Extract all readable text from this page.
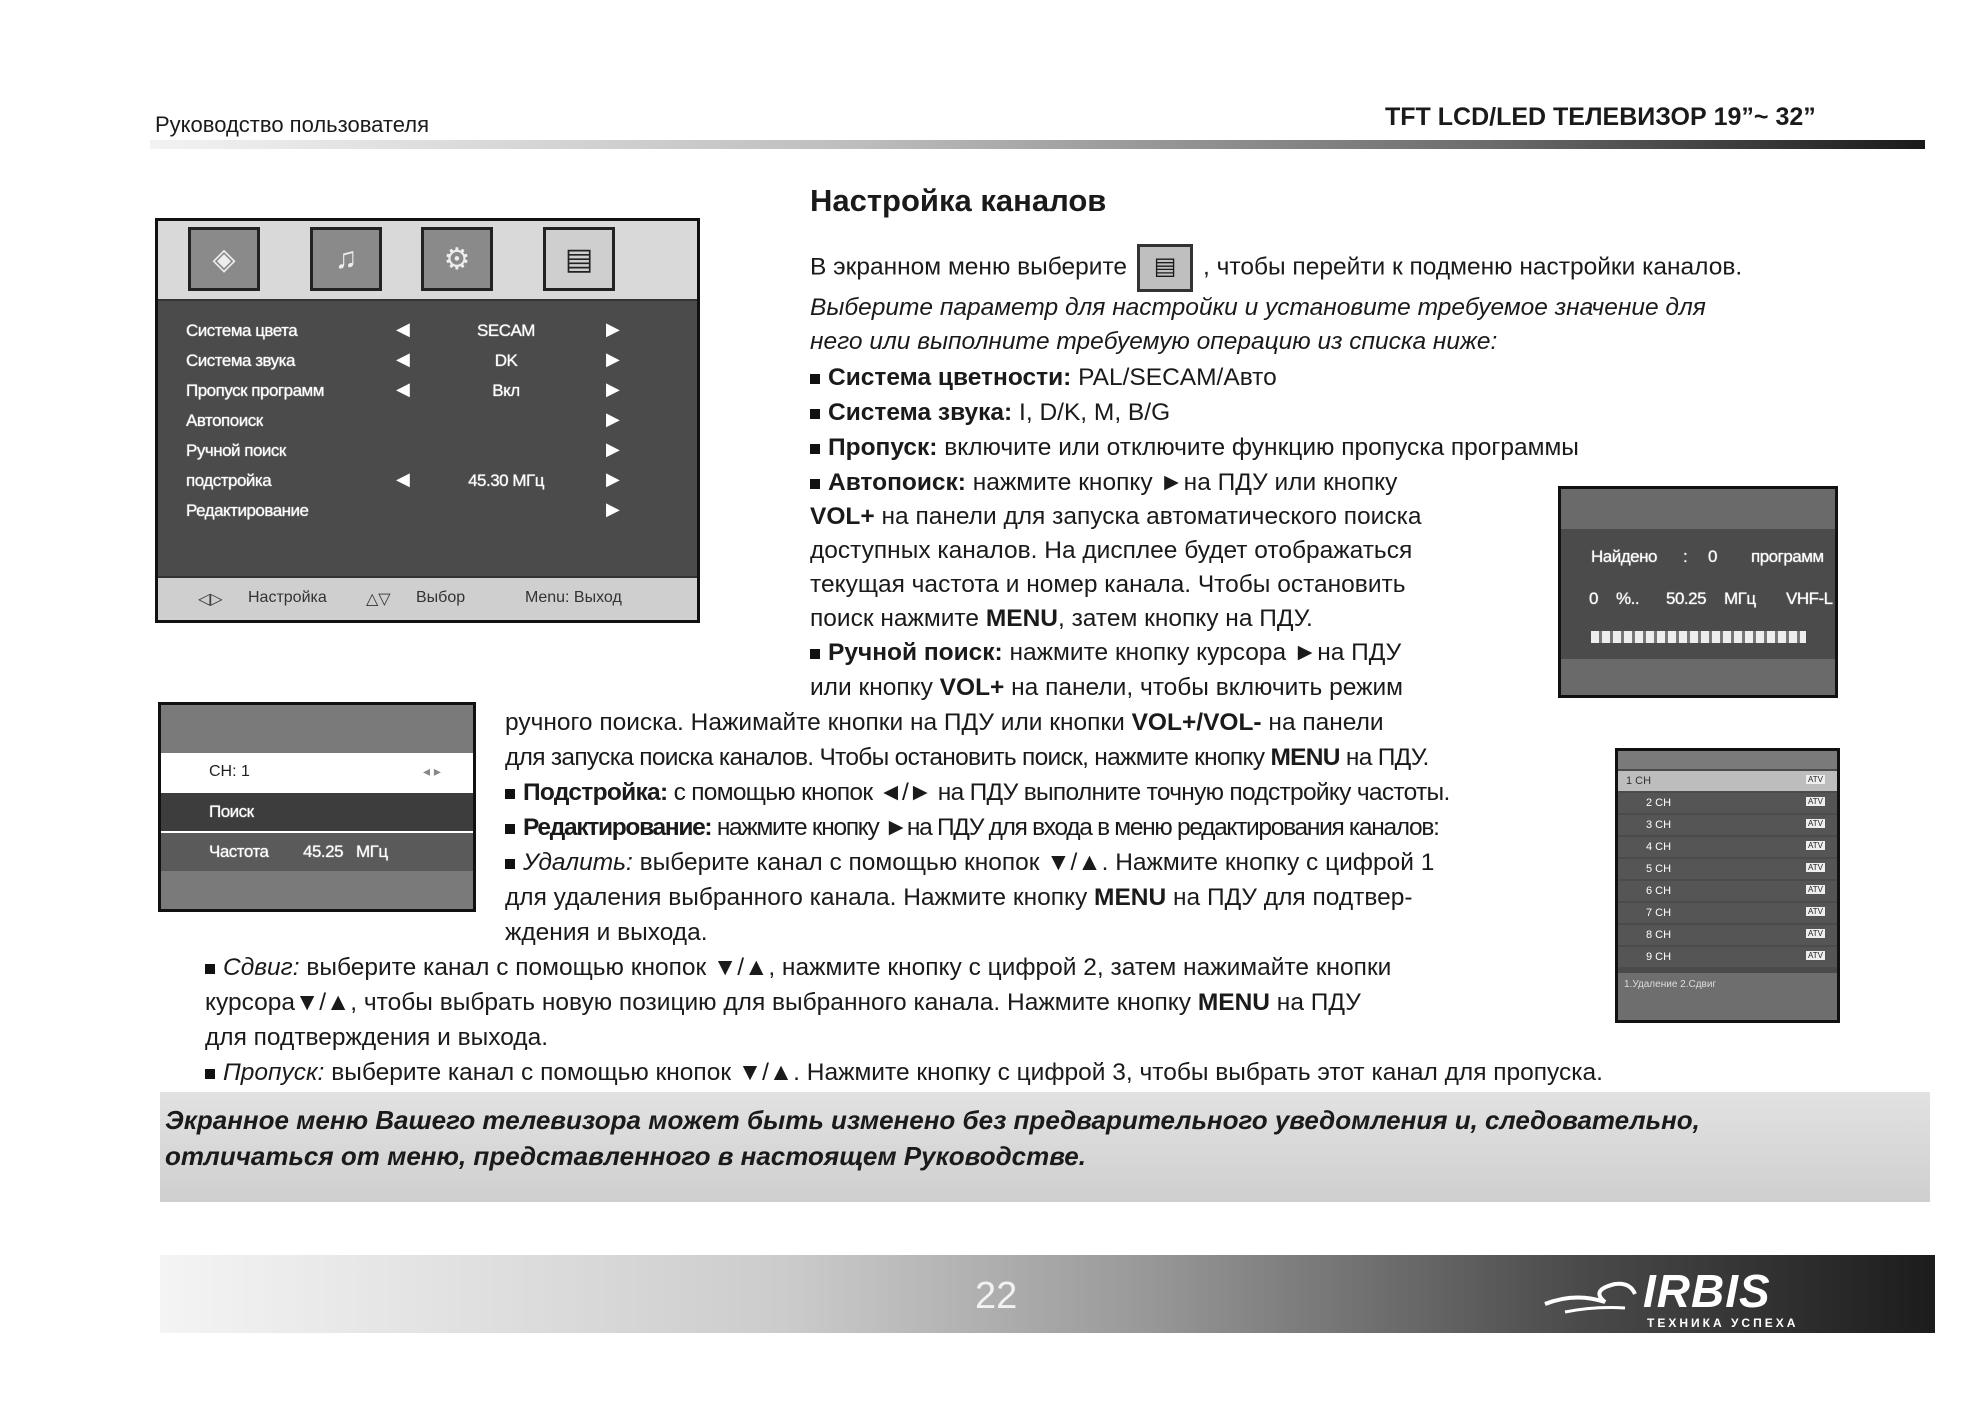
Руководство пользователя	TFT LCD/LED ТЕЛЕВИЗОР 19”~ 32”
◈	♫	⚙	▤
Система цвета	◀	SECAM	▶
Система звука	◀	DK	▶
Пропуск программ	◀	Вкл	▶
Автопоиск	▶
Ручной поиск	▶
подстройка	◀	45.30 МГц	▶
Редактирование	▶
◁▷ Настройка △▽ Выбор	Menu: Выход
Настройка каналов
В экранном меню выберите ▤ , чтобы перейти к подменю настройки каналов.
Выберите параметр для настройки и установите требуемое значение для
него или выполните требуемую операцию из списка ниже:
Система цветности: PAL/SECAM/Авто
Система звука: I, D/K, M, B/G
Пропуск: включите или отключите функцию пропуска программы
Автопоиск: нажмите кнопку ►на ПДУ или кнопку
VOL+ на панели для запуска автоматического поиска
доступных каналов. На дисплее будет отображаться
текущая частота и номер канала. Чтобы остановить
поиск нажмите MENU, затем кнопку на ПДУ.
Найдено : 0 программ
0 %.. 50.25 МГц VHF-L
Ручной поиск: нажмите кнопку курсора ►на ПДУ
или кнопку VOL+ на панели, чтобы включить режим
ручного поиска. Нажимайте кнопки на ПДУ или кнопки VOL+/VOL- на панели
для запуска поиска каналов. Чтобы остановить поиск, нажмите кнопку MENU на ПДУ.
CH: 1	◂ ▸
Поиск
Частота 45.25 МГц
Подстройка: с помощью кнопок ◄/► на ПДУ выполните точную подстройку частоты.
Редактирование: нажмите кнопку ►на ПДУ для входа в меню редактирования каналов:
Удалить: выберите канал с помощью кнопок ▼/▲. Нажмите кнопку с цифрой 1
для удаления выбранного канала. Нажмите кнопку MENU на ПДУ для подтвер-
ждения и выхода.
1 CH	ATV
2 CH	ATV
3 CH	ATV
4 CH	ATV
5 CH	ATV
6 CH	ATV
7 CH	ATV
8 CH	ATV
9 CH	ATV
1.Удаление 2.Сдвиг
Сдвиг: выберите канал с помощью кнопок ▼/▲, нажмите кнопку с цифрой 2, затем нажимайте кнопки
курсора▼/▲, чтобы выбрать новую позицию для выбранного канала. Нажмите кнопку MENU на ПДУ
для подтверждения и выхода.
Пропуск: выберите канал с помощью кнопок ▼/▲. Нажмите кнопку с цифрой 3, чтобы выбрать этот канал для пропуска.
Экранное меню Вашего телевизора может быть изменено без предварительного уведомления и, следовательно,
отличаться от меню, представленного в настоящем Руководстве.
22	IRBIS
ТЕХНИКА УСПЕХА
